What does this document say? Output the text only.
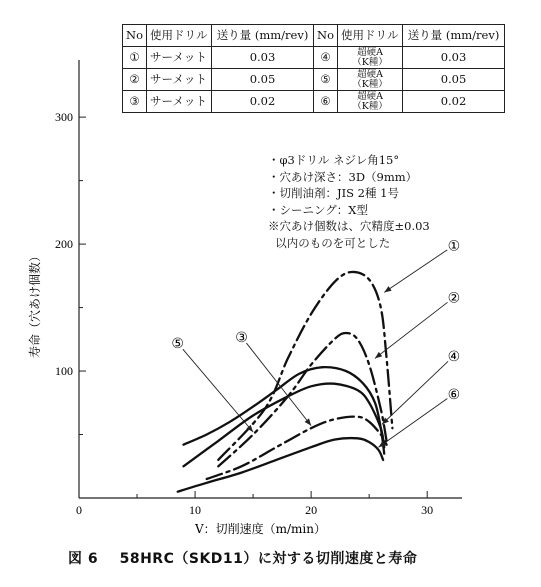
0	10	20	30
100
200
300
V：切削速度（m/min）
寿命（穴あけ個数）
①
②
④
⑥
⑤	③
No	使用ドリル	送り量 (mm/rev)	No	使用ドリル	送り量 (mm/rev)
①	サーメット	0.03	④	超硬A
（K種）	0.03
②	サーメット	0.05	⑤	超硬A
（K種）	0.05
③	サーメット	0.02	⑥	超硬A
（K種）	0.02
・φ3ドリル ネジレ角15°
・穴あけ深さ：3D（9mm）
・切削油剤：JIS 2種 1号
・シーニング：X型
※穴あけ個数は、穴精度±0.03
以内のものを可とした
図 6    58HRC（SKD11）に対する切削速度と寿命
